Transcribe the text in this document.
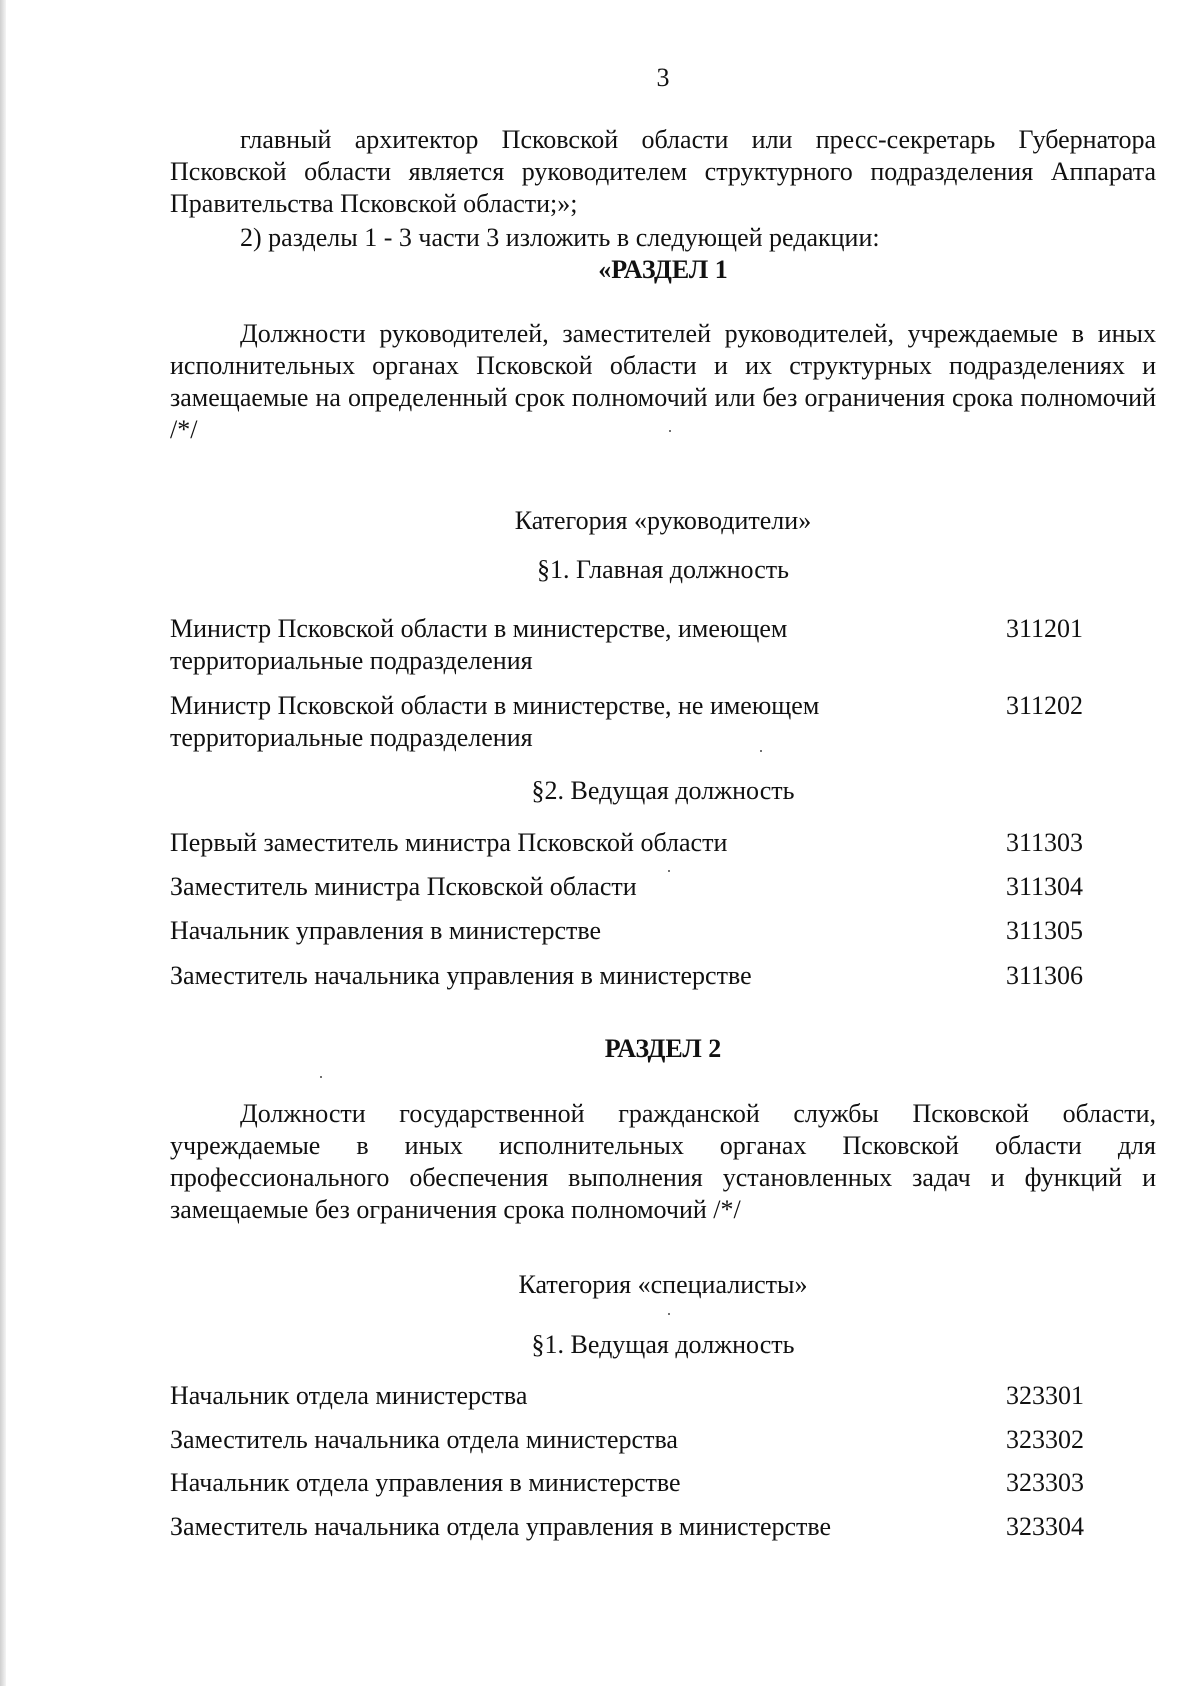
3
главный архитектор Псковской области или пресс-секретарь Губернатора Псковской области является руководителем структурного подразделения Аппарата Правительства Псковской области;»;
2) разделы 1 - 3 части 3 изложить в следующей редакции:
«РАЗДЕЛ 1
Должности руководителей, заместителей руководителей, учреждаемые в иных исполнительных органах Псковской области и их структурных подразделениях и замещаемые на определенный срок полномочий или без ограничения срока полномочий /*/
Категория «руководители»
§1. Главная должность
Министр Псковской области в министерстве, имеющем
территориальные подразделения
311201
Министр Псковской области в министерстве, не имеющем
территориальные подразделения
311202
§2. Ведущая должность
Первый заместитель министра Псковской области	311303
Заместитель министра Псковской области	311304
Начальник управления в министерстве	311305
Заместитель начальника управления в министерстве	311306
РАЗДЕЛ 2
Должности государственной гражданской службы Псковской области, учреждаемые в иных исполнительных органах Псковской области для профессионального обеспечения выполнения установленных задач и функций и замещаемые без ограничения срока полномочий /*/
Категория «специалисты»
§1. Ведущая должность
Начальник отдела министерства	323301
Заместитель начальника отдела министерства	323302
Начальник отдела управления в министерстве	323303
Заместитель начальника отдела управления в министерстве	323304
